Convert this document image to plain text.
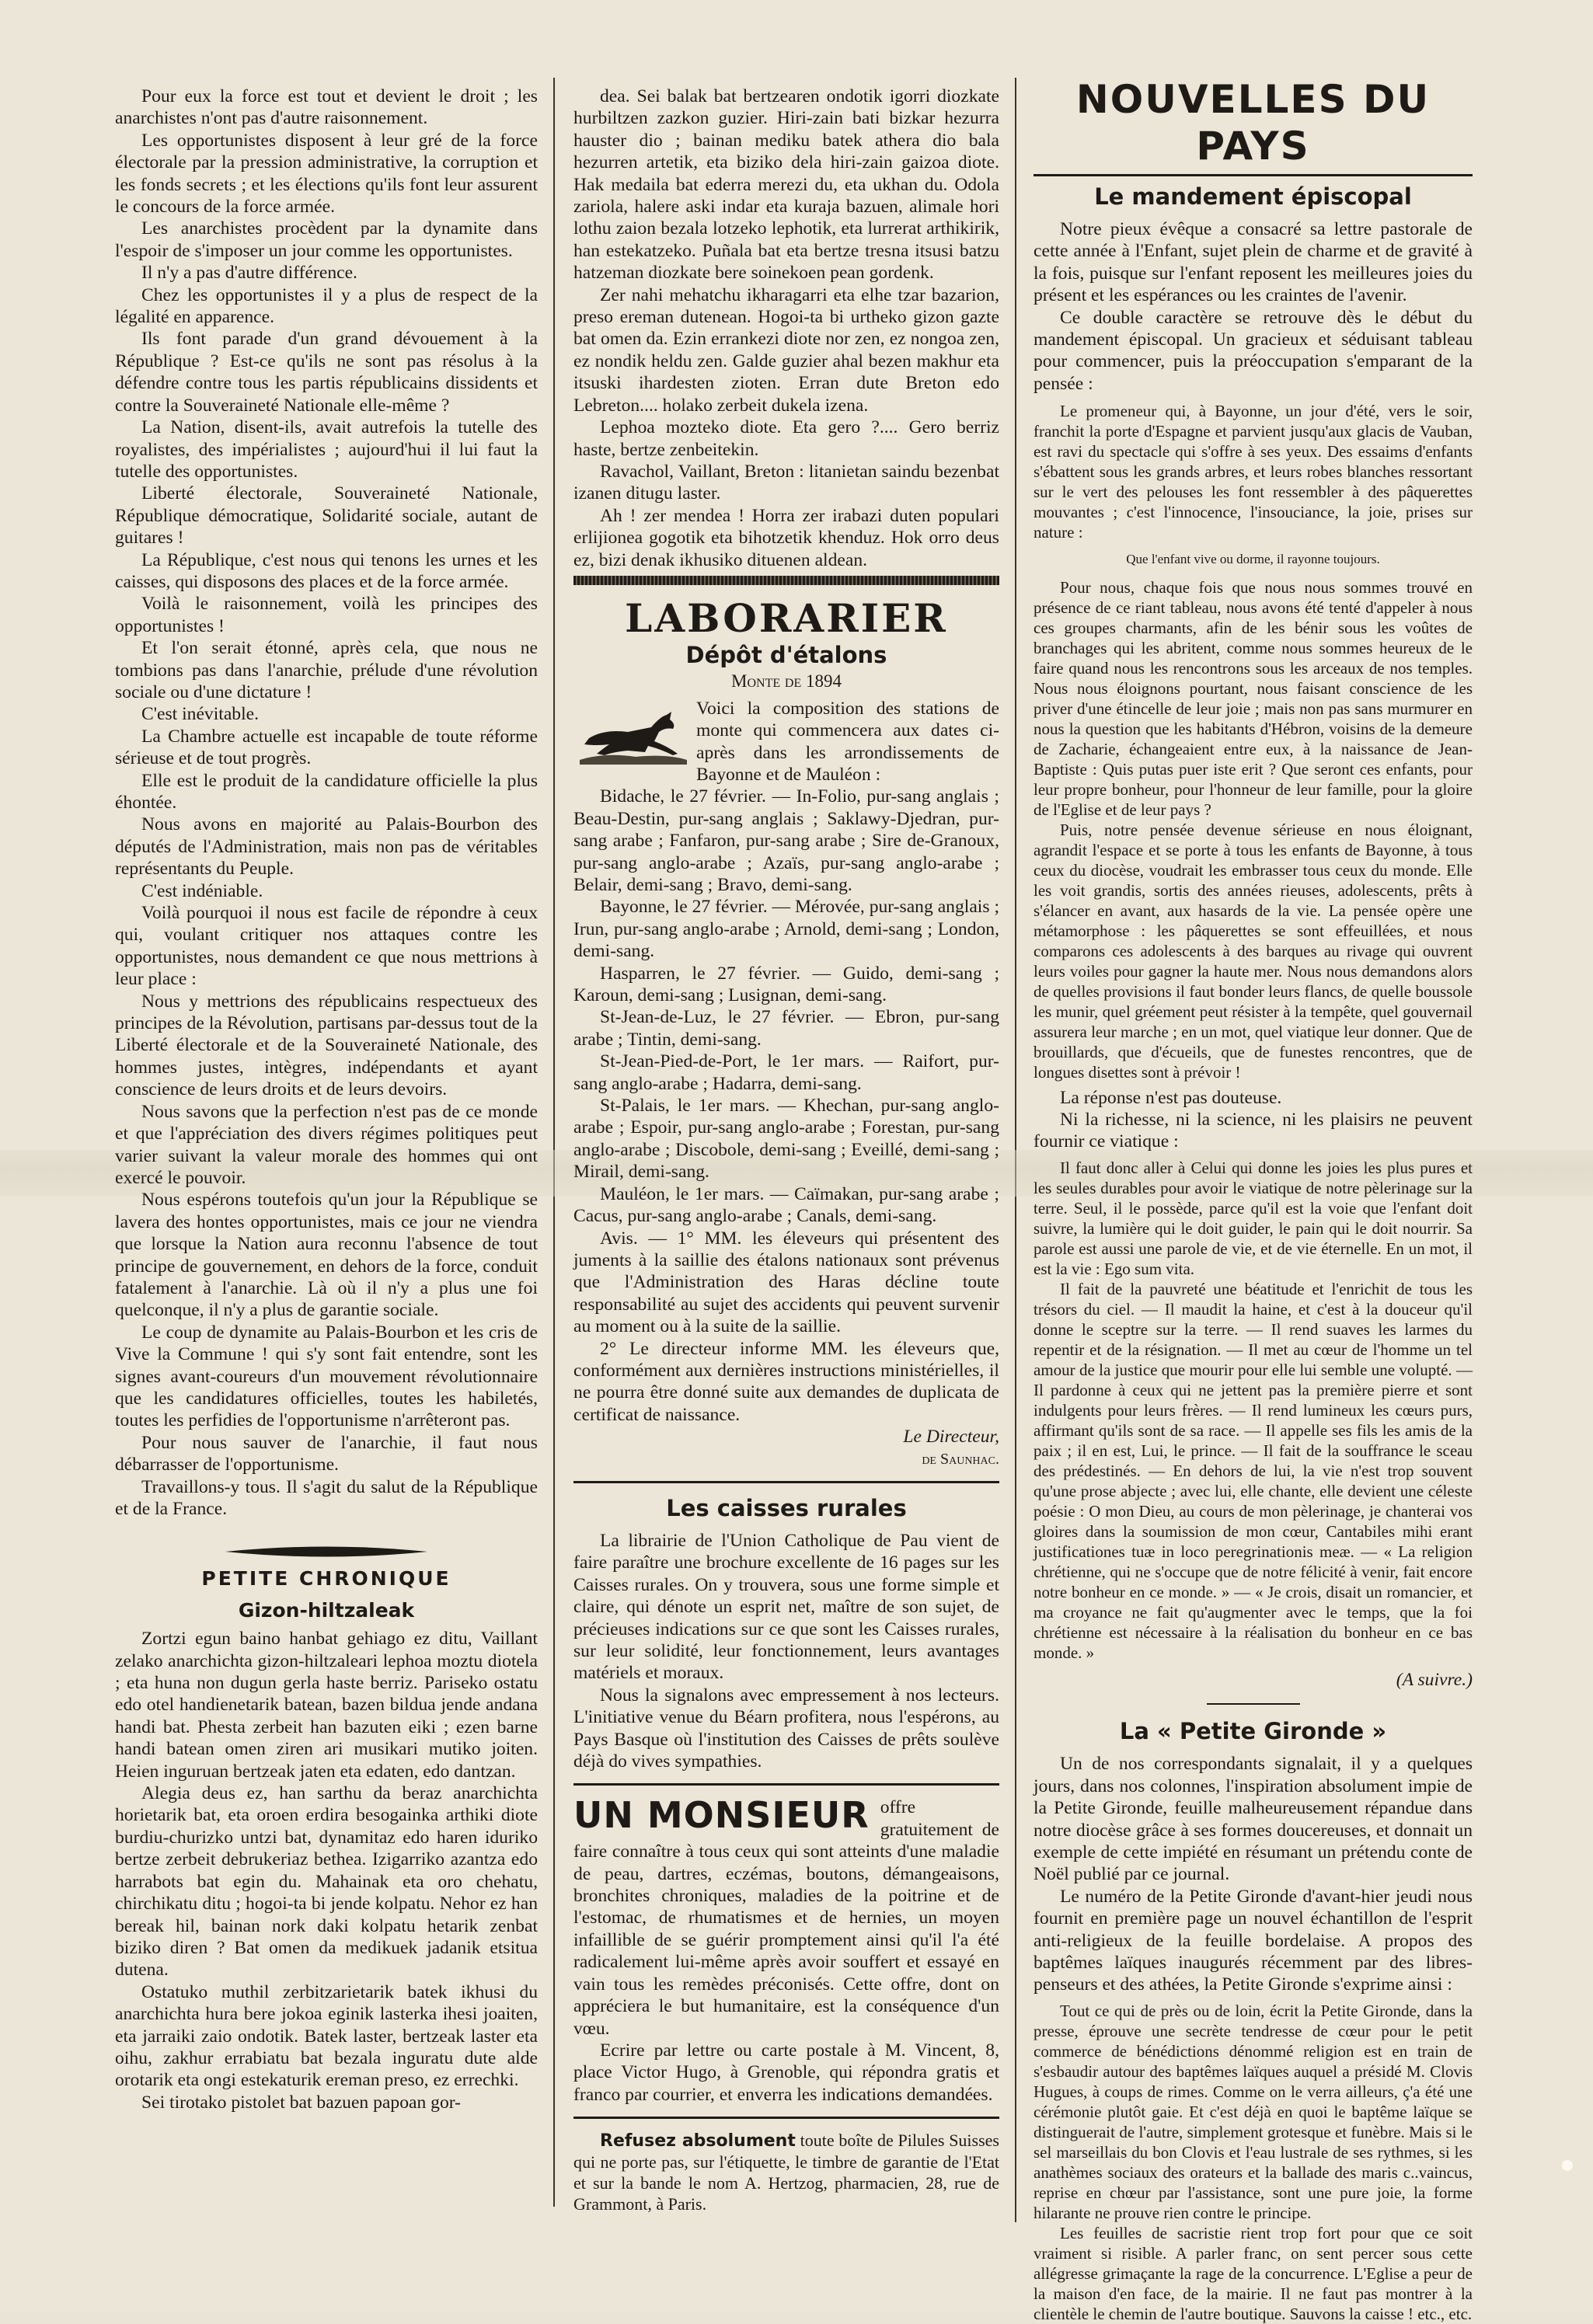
Pour eux la force est tout et devient le droit ; les anarchistes n'ont pas d'autre raisonnement.

Les opportunistes disposent à leur gré de la force électorale par la pression administrative, la corruption et les fonds secrets ; et les élections qu'ils font leur assurent le concours de la force armée.

Les anarchistes procèdent par la dynamite dans l'espoir de s'imposer un jour comme les opportunistes.

Il n'y a pas d'autre différence.

Chez les opportunistes il y a plus de respect de la légalité en apparence.

Ils font parade d'un grand dévouement à la République ? Est-ce qu'ils ne sont pas résolus à la défendre contre tous les partis républicains dissidents et contre la Souveraineté Nationale elle-même ?

La Nation, disent-ils, avait autrefois la tutelle des royalistes, des impérialistes ; aujourd'hui il lui faut la tutelle des opportunistes.

Liberté électorale, Souveraineté Nationale, République démocratique, Solidarité sociale, autant de guitares !

La République, c'est nous qui tenons les urnes et les caisses, qui disposons des places et de la force armée.

Voilà le raisonnement, voilà les principes des opportunistes !

Et l'on serait étonné, après cela, que nous ne tombions pas dans l'anarchie, prélude d'une révolution sociale ou d'une dictature !

C'est inévitable.

La Chambre actuelle est incapable de toute réforme sérieuse et de tout progrès.

Elle est le produit de la candidature officielle la plus éhontée.

Nous avons en majorité au Palais-Bourbon des députés de l'Administration, mais non pas de véritables représentants du Peuple.

C'est indéniable.

Voilà pourquoi il nous est facile de répondre à ceux qui, voulant critiquer nos attaques contre les opportunistes, nous demandent ce que nous mettrions à leur place :

Nous y mettrions des républicains respectueux des principes de la Révolution, partisans par-dessus tout de la Liberté électorale et de la Souveraineté Nationale, des hommes justes, intègres, indépendants et ayant conscience de leurs droits et de leurs devoirs.

Nous savons que la perfection n'est pas de ce monde et que l'appréciation des divers régimes politiques peut varier suivant la valeur morale des hommes qui ont exercé le pouvoir.

Nous espérons toutefois qu'un jour la République se lavera des hontes opportunistes, mais ce jour ne viendra que lorsque la Nation aura reconnu l'absence de tout principe de gouvernement, en dehors de la force, conduit fatalement à l'anarchie. Là où il n'y a plus une foi quelconque, il n'y a plus de garantie sociale.

Le coup de dynamite au Palais-Bourbon et les cris de Vive la Commune ! qui s'y sont fait entendre, sont les signes avant-coureurs d'un mouvement révolutionnaire que les candidatures officielles, toutes les habiletés, toutes les perfidies de l'opportunisme n'arrêteront pas.

Pour nous sauver de l'anarchie, il faut nous débarrasser de l'opportunisme.

Travaillons-y tous. Il s'agit du salut de la République et de la France.

PETITE CHRONIQUE
Gizon-hiltzaleak

Zortzi egun baino hanbat gehiago ez ditu, Vaillant zelako anarchichta gizon-hiltzaleari lephoa moztu diotela ; eta huna non dugun gerla haste berriz. Pariseko ostatu edo otel handienetarik batean, bazen bildua jende andana handi bat. Phesta zerbeit han bazuten eiki ; ezen barne handi batean omen ziren ari musikari mutiko joiten. Heien inguruan bertzeak jaten eta edaten, edo dantzan.

Alegia deus ez, han sarthu da beraz anarchichta horietarik bat, eta oroen erdira besogainka arthiki diote burdiu-churizko untzi bat, dynamitaz edo haren iduriko bertze zerbeit debrukeriaz bethea. Izigarriko azantza edo harrabots bat egin du. Mahainak eta oro chehatu, chirchikatu ditu ; hogoi-ta bi jende kolpatu. Nehor ez han bereak hil, bainan nork daki kolpatu hetarik zenbat biziko diren ? Bat omen da medikuek jadanik etsitua dutena.

Ostatuko muthil zerbitzarietarik batek ikhusi du anarchichta hura bere jokoa eginik lasterka ihesi joaiten, eta jarraiki zaio ondotik. Batek laster, bertzeak laster eta oihu, zakhur errabiatu bat bezala inguratu dute alde orotarik eta ongi estekaturik ereman preso, ez errechki.

Sei tirotako pistolet bat bazuen papoan gor-

dea. Sei balak bat bertzearen ondotik igorri diozkate hurbiltzen zazkon guzier. Hiri-zain bati bizkar hezurra hauster dio ; bainan mediku batek athera dio bala hezurren artetik, eta biziko dela hiri-zain gaizoa diote. Hak medaila bat ederra merezi du, eta ukhan du. Odola zariola, halere aski indar eta kuraja bazuen, alimale hori lothu zaion bezala lotzeko lephotik, eta lurrerat arthikirik, han estekatzeko. Puñala bat eta bertze tresna itsusi batzu hatzeman diozkate bere soinekoen pean gordenk.

Zer nahi mehatchu ikharagarri eta elhe tzar bazarion, preso ereman dutenean. Hogoi-ta bi urtheko gizon gazte bat omen da. Ezin errankezi diote nor zen, ez nongoa zen, ez nondik heldu zen. Galde guzier ahal bezen makhur eta itsuski ihardesten zioten. Erran dute Breton edo Lebreton.... holako zerbeit dukela izena.

Lephoa mozteko diote. Eta gero ?.... Gero berriz haste, bertze zenbeitekin.

Ravachol, Vaillant, Breton : litanietan saindu bezenbat izanen ditugu laster.

Ah ! zer mendea ! Horra zer irabazi duten populari erlijionea gogotik eta bihotzetik khenduz. Hok orro deus ez, bizi denak ikhusiko dituenen aldean.

LABORARIER
Dépôt d'étalons
Monte de 1894

Voici la composition des stations de monte qui commencera aux dates ci-après dans les arrondissements de Bayonne et de Mauléon :

Bidache, le 27 février. — In-Folio, pur-sang anglais ; Beau-Destin, pur-sang anglais ; Saklawy-Djedran, pur-sang arabe ; Fanfaron, pur-sang arabe ; Sire de-Granoux, pur-sang anglo-arabe ; Azaïs, pur-sang anglo-arabe ; Belair, demi-sang ; Bravo, demi-sang.

Bayonne, le 27 février. — Mérovée, pur-sang anglais ; Irun, pur-sang anglo-arabe ; Arnold, demi-sang ; London, demi-sang.

Hasparren, le 27 février. — Guido, demi-sang ; Karoun, demi-sang ; Lusignan, demi-sang.

St-Jean-de-Luz, le 27 février. — Ebron, pur-sang arabe ; Tintin, demi-sang.

St-Jean-Pied-de-Port, le 1er mars. — Raifort, pur-sang anglo-arabe ; Hadarra, demi-sang.

St-Palais, le 1er mars. — Khechan, pur-sang anglo-arabe ; Espoir, pur-sang anglo-arabe ; Forestan, pur-sang anglo-arabe ; Discobole, demi-sang ; Eveillé, demi-sang ; Mirail, demi-sang.

Mauléon, le 1er mars. — Caïmakan, pur-sang arabe ; Cacus, pur-sang anglo-arabe ; Canals, demi-sang.

Avis. — 1° MM. les éleveurs qui présentent des juments à la saillie des étalons nationaux sont prévenus que l'Administration des Haras décline toute responsabilité au sujet des accidents qui peuvent survenir au moment ou à la suite de la saillie.

2° Le directeur informe MM. les éleveurs que, conformément aux dernières instructions ministérielles, il ne pourra être donné suite aux demandes de duplicata de certificat de naissance.

Le Directeur,
de Saunhac.
Les caisses rurales

La librairie de l'Union Catholique de Pau vient de faire paraître une brochure excellente de 16 pages sur les Caisses rurales. On y trouvera, sous une forme simple et claire, qui dénote un esprit net, maître de son sujet, de précieuses indications sur ce que sont les Caisses rurales, sur leur solidité, leur fonctionnement, leurs avantages matériels et moraux.

Nous la signalons avec empressement à nos lecteurs. L'initiative venue du Béarn profitera, nous l'espérons, au Pays Basque où l'institution des Caisses de prêts soulève déjà do vives sympathies.

UN MONSIEUR offre gratuitement de faire connaître à tous ceux qui sont atteints d'une maladie de peau, dartres, eczémas, boutons, démangeaisons, bronchites chroniques, maladies de la poitrine et de l'estomac, de rhumatismes et de hernies, un moyen infaillible de se guérir promptement ainsi qu'il l'a été radicalement lui-même après avoir souffert et essayé en vain tous les remèdes préconisés. Cette offre, dont on appréciera le but humanitaire, est la conséquence d'un vœu.

Ecrire par lettre ou carte postale à M. Vincent, 8, place Victor Hugo, à Grenoble, qui répondra gratis et franco par courrier, et enverra les indications demandées.

Refusez absolument toute boîte de Pilules Suisses qui ne porte pas, sur l'étiquette, le timbre de garantie de l'Etat et sur la bande le nom A. Hertzog, pharmacien, 28, rue de Grammont, à Paris.

NOUVELLES DU PAYS
Le mandement épiscopal

Notre pieux évêque a consacré sa lettre pastorale de cette année à l'Enfant, sujet plein de charme et de gravité à la fois, puisque sur l'enfant reposent les meilleures joies du présent et les espérances ou les craintes de l'avenir.

Ce double caractère se retrouve dès le début du mandement épiscopal. Un gracieux et séduisant tableau pour commencer, puis la préoccupation s'emparant de la pensée :

Le promeneur qui, à Bayonne, un jour d'été, vers le soir, franchit la porte d'Espagne et parvient jusqu'aux glacis de Vauban, est ravi du spectacle qui s'offre à ses yeux. Des essaims d'enfants s'ébattent sous les grands arbres, et leurs robes blanches ressortant sur le vert des pelouses les font ressembler à des pâquerettes mouvantes ; c'est l'innocence, l'insouciance, la joie, prises sur nature :

Que l'enfant vive ou dorme, il rayonne toujours.

Pour nous, chaque fois que nous nous sommes trouvé en présence de ce riant tableau, nous avons été tenté d'appeler à nous ces groupes charmants, afin de les bénir sous les voûtes de branchages qui les abritent, comme nous sommes heureux de le faire quand nous les rencontrons sous les arceaux de nos temples. Nous nous éloignons pourtant, nous faisant conscience de les priver d'une étincelle de leur joie ; mais non pas sans murmurer en nous la question que les habitants d'Hébron, voisins de la demeure de Zacharie, échangeaient entre eux, à la naissance de Jean-Baptiste : Quis putas puer iste erit ? Que seront ces enfants, pour leur propre bonheur, pour l'honneur de leur famille, pour la gloire de l'Eglise et de leur pays ?

Puis, notre pensée devenue sérieuse en nous éloignant, agrandit l'espace et se porte à tous les enfants de Bayonne, à tous ceux du diocèse, voudrait les embrasser tous ceux du monde. Elle les voit grandis, sortis des années rieuses, adolescents, prêts à s'élancer en avant, aux hasards de la vie. La pensée opère une métamorphose : les pâquerettes se sont effeuillées, et nous comparons ces adolescents à des barques au rivage qui ouvrent leurs voiles pour gagner la haute mer. Nous nous demandons alors de quelles provisions il faut bonder leurs flancs, de quelle boussole les munir, quel gréement peut résister à la tempête, quel gouvernail assurera leur marche ; en un mot, quel viatique leur donner. Que de brouillards, que d'écueils, que de funestes rencontres, que de longues disettes sont à prévoir !

La réponse n'est pas douteuse.

Ni la richesse, ni la science, ni les plaisirs ne peuvent fournir ce viatique :

Il faut donc aller à Celui qui donne les joies les plus pures et les seules durables pour avoir le viatique de notre pèlerinage sur la terre. Seul, il le possède, parce qu'il est la voie que l'enfant doit suivre, la lumière qui le doit guider, le pain qui le doit nourrir. Sa parole est aussi une parole de vie, et de vie éternelle. En un mot, il est la vie : Ego sum vita.

Il fait de la pauvreté une béatitude et l'enrichit de tous les trésors du ciel. — Il maudit la haine, et c'est à la douceur qu'il donne le sceptre sur la terre. — Il rend suaves les larmes du repentir et de la résignation. — Il met au cœur de l'homme un tel amour de la justice que mourir pour elle lui semble une volupté. — Il pardonne à ceux qui ne jettent pas la première pierre et sont indulgents pour leurs frères. — Il rend lumineux les cœurs purs, affirmant qu'ils sont de sa race. — Il appelle ses fils les amis de la paix ; il en est, Lui, le prince. — Il fait de la souffrance le sceau des prédestinés. — En dehors de lui, la vie n'est trop souvent qu'une prose abjecte ; avec lui, elle chante, elle devient une céleste poésie : O mon Dieu, au cours de mon pèlerinage, je chanterai vos gloires dans la soumission de mon cœur, Cantabiles mihi erant justificationes tuæ in loco peregrinationis meæ. — « La religion chrétienne, qui ne s'occupe que de notre félicité à venir, fait encore notre bonheur en ce monde. » — « Je crois, disait un romancier, et ma croyance ne fait qu'augmenter avec le temps, que la foi chrétienne est nécessaire à la réalisation du bonheur en ce bas monde. »

(A suivre.)
La « Petite Gironde »

Un de nos correspondants signalait, il y a quelques jours, dans nos colonnes, l'inspiration absolument impie de la Petite Gironde, feuille malheureusement répandue dans notre diocèse grâce à ses formes doucereuses, et donnait un exemple de cette impiété en résumant un prétendu conte de Noël publié par ce journal.

Le numéro de la Petite Gironde d'avant-hier jeudi nous fournit en première page un nouvel échantillon de l'esprit anti-religieux de la feuille bordelaise. A propos des baptêmes laïques inaugurés récemment par des libres-penseurs et des athées, la Petite Gironde s'exprime ainsi :

Tout ce qui de près ou de loin, écrit la Petite Gironde, dans la presse, éprouve une secrète tendresse de cœur pour le petit commerce de bénédictions dénommé religion est en train de s'esbaudir autour des baptêmes laïques auquel a présidé M. Clovis Hugues, à coups de rimes. Comme on le verra ailleurs, ç'a été une cérémonie plutôt gaie. Et c'est déjà en quoi le baptême laïque se distinguerait de l'autre, simplement grotesque et funèbre. Mais si le sel marseillais du bon Clovis et l'eau lustrale de ses rythmes, si les anathèmes sociaux des orateurs et la ballade des maris c..vaincus, reprise en chœur par l'assistance, sont une pure joie, la forme hilarante ne prouve rien contre le principe.

Les feuilles de sacristie rient trop fort pour que ce soit vraiment si risible. A parler franc, on sent percer sous cette allégresse grimaçante la rage de la concurrence. L'Eglise a peur de la maison d'en face, de la mairie. Il ne faut pas montrer à la clientèle le chemin de l'autre boutique. Sauvons la caisse ! etc., etc.
